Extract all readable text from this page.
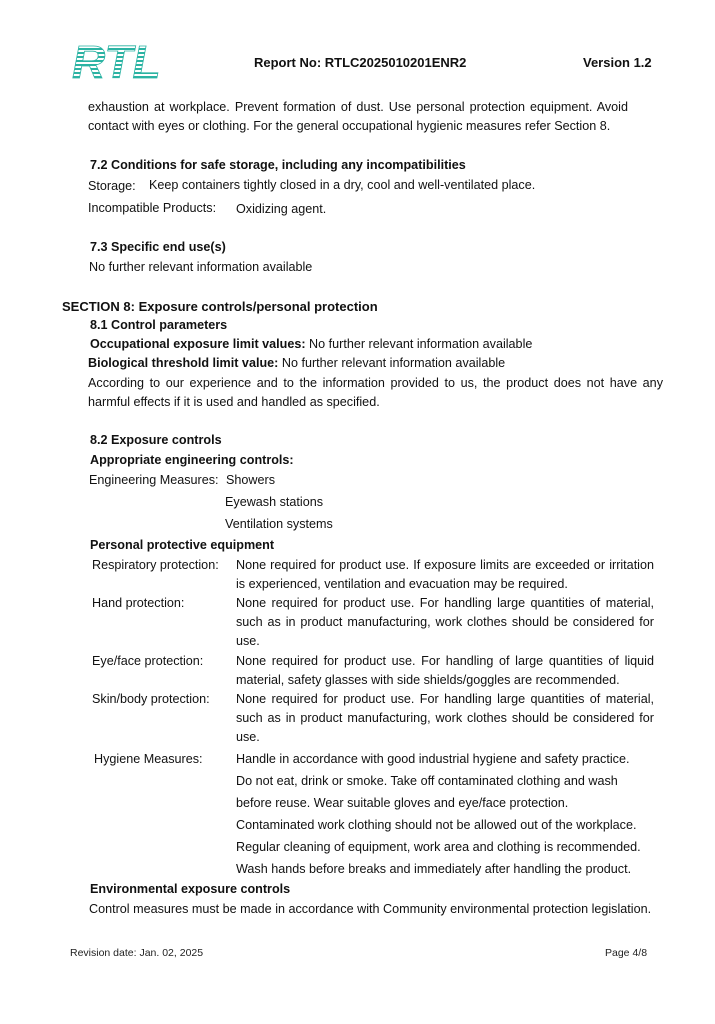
RTL	Report No: RTLC2025010201ENR2	Version 1.2
exhaustion at workplace. Prevent formation of dust. Use personal protection equipment. Avoid contact with eyes or clothing. For the general occupational hygienic measures refer Section 8.
7.2 Conditions for safe storage, including any incompatibilities
Storage: Keep containers tightly closed in a dry, cool and well-ventilated place.
Incompatible Products: Oxidizing agent.
7.3 Specific end use(s)
No further relevant information available
SECTION 8: Exposure controls/personal protection
8.1 Control parameters
Occupational exposure limit values: No further relevant information available
Biological threshold limit value: No further relevant information available
According to our experience and to the information provided to us, the product does not have any harmful effects if it is used and handled as specified.
8.2 Exposure controls
Appropriate engineering controls:
Engineering Measures: Showers
Eyewash stations
Ventilation systems
Personal protective equipment
Respiratory protection: None required for product use. If exposure limits are exceeded or irritation is experienced, ventilation and evacuation may be required.
Hand protection:	None required for product use. For handling large quantities of material, such as in product manufacturing, work clothes should be considered for use.
Eye/face protection:	None required for product use. For handling of large quantities of liquid material, safety glasses with side shields/goggles are recommended.
Skin/body protection: None required for product use. For handling large quantities of material, such as in product manufacturing, work clothes should be considered for use.
Hygiene Measures:	Handle in accordance with good industrial hygiene and safety practice.
Do not eat, drink or smoke. Take off contaminated clothing and wash
before reuse. Wear suitable gloves and eye/face protection.
Contaminated work clothing should not be allowed out of the workplace.
Regular cleaning of equipment, work area and clothing is recommended.
Wash hands before breaks and immediately after handling the product.
Environmental exposure controls
Control measures must be made in accordance with Community environmental protection legislation.
Revision date: Jan. 02, 2025	Page 4/8
